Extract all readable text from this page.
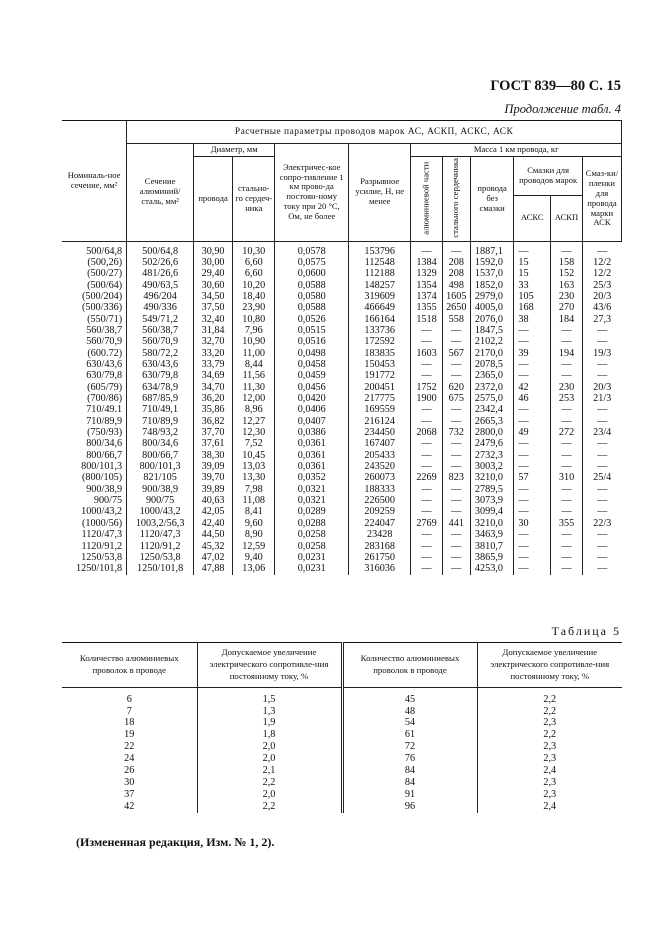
ГОСТ 839—80 С. 15
Продолжение табл. 4
Номиналь-ное сечение, мм²	Расчетные параметры проводов марок АС, АСКП, АСКС, АСК										
	Сечение алюминий/ сталь, мм²	Диаметр, мм		Электричес-кое сопро-тивление 1 км прово-да постоян-ному току при 20 °С, Ом, не более	Разрывное усилие, Н, не менее	Масса 1 км провода, кг					
		провода	стально-го сердеч-ника			алюминиевой части	стального сердечника	провода без смазки	Смазки для проводов марок		Смаз-ки/ пленки для провода марки АСК
									АСКС	АСКП	
500/64,8	500/64,8	30,90	10,30	0,0578	153796	—	—	1887,1	—	—	—
(500,26)	502/26,6	30,00	6,60	0,0575	112548	1384	208	1592,0	15	158	12/2
(500/27)	481/26,6	29,40	6,60	0,0600	112188	1329	208	1537,0	15	152	12/2
(500/64)	490/63,5	30,60	10,20	0,0588	148257	1354	498	1852,0	33	163	25/3
(500/204)	496/204	34,50	18,40	0,0580	319609	1374	1605	2979,0	105	230	20/3
(500/336)	490/336	37,50	23,90	0,0588	466649	1355	2650	4005,0	168	270	43/6
(550/71)	549/71,2	32,40	10,80	0,0526	166164	1518	558	2076,0	38	184	27,3
560/38,7	560/38,7	31,84	7,96	0,0515	133736	—	—	1847,5	—	—	—
560/70,9	560/70,9	32,70	10,90	0,0516	172592	—	—	2102,2	—	—	—
(600.72)	580/72,2	33,20	11,00	0,0498	183835	1603	567	2170,0	39	194	19/3
630/43,6	630/43,6	33,79	8,44	0,0458	150453	—	—	2078,5	—	—	—
630/79,8	630/79,8	34,69	11,56	0,0459	191772	—	—	2365,0	—	—	—
(605/79)	634/78,9	34,70	11,30	0,0456	200451	1752	620	2372,0	42	230	20/3
(700/86)	687/85,9	36,20	12,00	0,0420	217775	1900	675	2575,0	46	253	21/3
710/49.1	710/49,1	35,86	8,96	0,0406	169559	—	—	2342,4	—	—	—
710/89,9	710/89,9	36,82	12,27	0,0407	216124	—	—	2665,3	—	—	—
(750/93)	748/93,2	37,70	12,30	0,0386	234450	2068	732	2800,0	49	272	23/4
800/34,6	800/34,6	37,61	7,52	0,0361	167407	—	—	2479,6	—	—	—
800/66,7	800/66,7	38,30	10,45	0,0361	205433	—	—	2732,3	—	—	—
800/101,3	800/101,3	39,09	13,03	0,0361	243520	—	—	3003,2	—	—	—
(800/105)	821/105	39,70	13,30	0,0352	260073	2269	823	3210,0	57	310	25/4
900/38,9	900/38,9	39,89	7,98	0,0321	188333	—	—	2789,5	—	—	—
900/75	900/75	40,63	11,08	0,0321	226500	—	—	3073,9	—	—	—
1000/43,2	1000/43,2	42,05	8,41	0,0289	209259	—	—	3099,4	—	—	—
(1000/56)	1003,2/56,3	42,40	9,60	0,0288	224047	2769	441	3210,0	30	355	22/3
1120/47,3	1120/47,3	44,50	8,90	0,0258	23428	—	—	3463,9	—	—	—
1120/91,2	1120/91,2	45,32	12,59	0,0258	283168	—	—	3810,7	—	—	—
1250/53,8	1250/53,8	47,02	9,40	0,0231	261750	—	—	3865,9	—	—	—
1250/101,8	1250/101,8	47,88	13,06	0,0231	316036	—	—	4253,0	—	—	—
Таблица 5
Количество алюминиевых проволок в проводе	Допускаемое увеличение электрического сопротивле-ния постоянному току, %	Количество алюминиевых проволок в проводе	Допускаемое увеличение электрического сопротивле-ния постоянному току, %
6	1,5	45	2,2
7	1,3	48	2,2
18	1,9	54	2,3
19	1,8	61	2,2
22	2,0	72	2,3
24	2,0	76	2,3
26	2,1	84	2,4
30	2,2	84	2,3
37	2,0	91	2,3
42	2,2	96	2,4
(Измененная редакция, Изм. № 1, 2).
